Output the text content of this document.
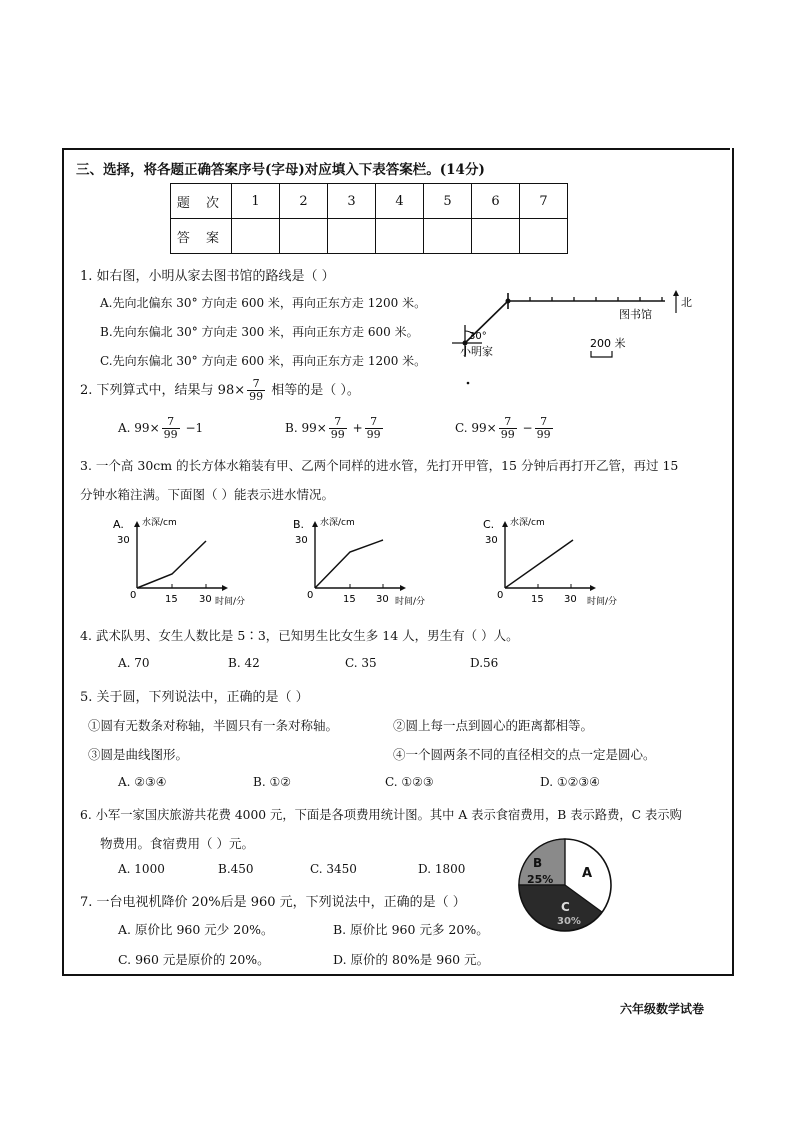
三、选择，将各题正确答案序号(字母)对应填入下表答案栏。(14分)
题 次	1	2	3	4	5	6	7
答 案							
1. 如右图，小明从家去图书馆的路线是（ ）
A.先向北偏东 30° 方向走 600 米，再向正东方走 1200 米。
B.先向东偏北 30° 方向走 300 米，再向正东方走 600 米。
C.先向东偏北 30° 方向走 600 米，再向正东方走 1200 米。
30°
小明家
图书馆
北
200 米
2. 下列算式中，结果与 $98\times \frac{7}{99}$ 相等的是（ ）。
A. $99\times \frac{7}{99} -1$	B. $99\times \frac{7}{99} + \frac{7}{99}$	C. $99\times \frac{7}{99} - \frac{7}{99}$
3. 一个高 30cm 的长方体水箱装有甲、乙两个同样的进水管，先打开甲管，15 分钟后再打开乙管，再过 15
分钟水箱注满。下面图（ ）能表示进水情况。
A. 水深/cm
30
0	15 30 时间/分
B. 水深/cm
30
0	15 30 时间/分
C. 水深/cm
30
0	15 30 时间/分
4. 武术队男、女生人数比是 5∶3，已知男生比女生多 14 人，男生有（ ）人。
A. 70	B. 42	C. 35	D.56
5. 关于圆，下列说法中，正确的是（ ）
①圆有无数条对称轴，半圆只有一条对称轴。	②圆上每一点到圆心的距离都相等。
③圆是曲线图形。	④一个圆两条不同的直径相交的点一定是圆心。
A. ②③④	B. ①②	C. ①②③	D. ①②③④
6. 小军一家国庆旅游共花费 4000 元，下面是各项费用统计图。其中 A 表示食宿费用，B 表示路费，C 表示购
物费用。食宿费用（ ）元。
A. 1000	B.450	C. 3450	D. 1800	B
25% A
C
30%
7. 一台电视机降价 20%后是 960 元，下列说法中，正确的是（ ）
A. 原价比 960 元少 20%。	B. 原价比 960 元多 20%。
C. 960 元是原价的 20%。	D. 原价的 80%是 960 元。
六年级数学试卷
